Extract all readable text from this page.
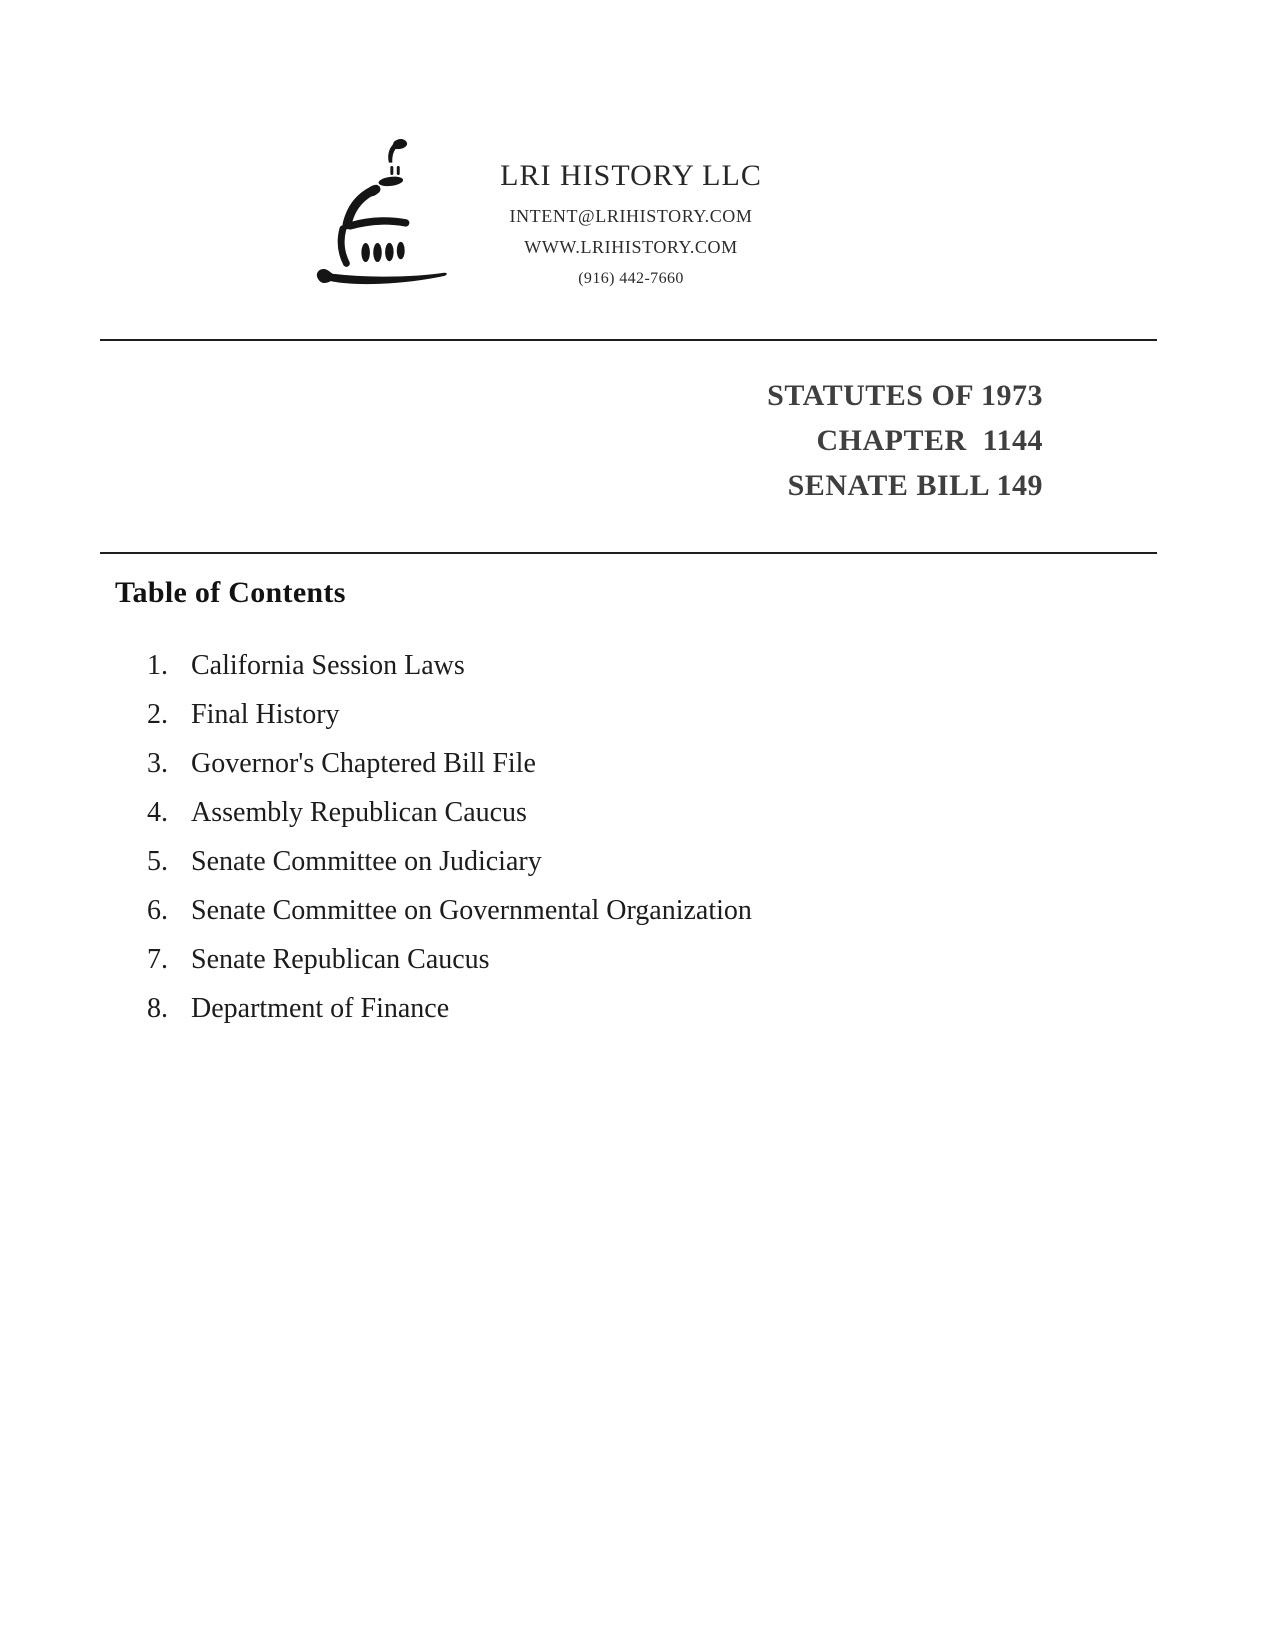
LRI HISTORY LLC
INTENT@LRIHISTORY.COM
WWW.LRIHISTORY.COM
(916) 442-7660
STATUTES OF 1973
CHAPTER  1144
SENATE BILL 149
Table of Contents
1. California Session Laws
2. Final History
3. Governor's Chaptered Bill File
4. Assembly Republican Caucus
5. Senate Committee on Judiciary
6. Senate Committee on Governmental Organization
7. Senate Republican Caucus
8. Department of Finance
